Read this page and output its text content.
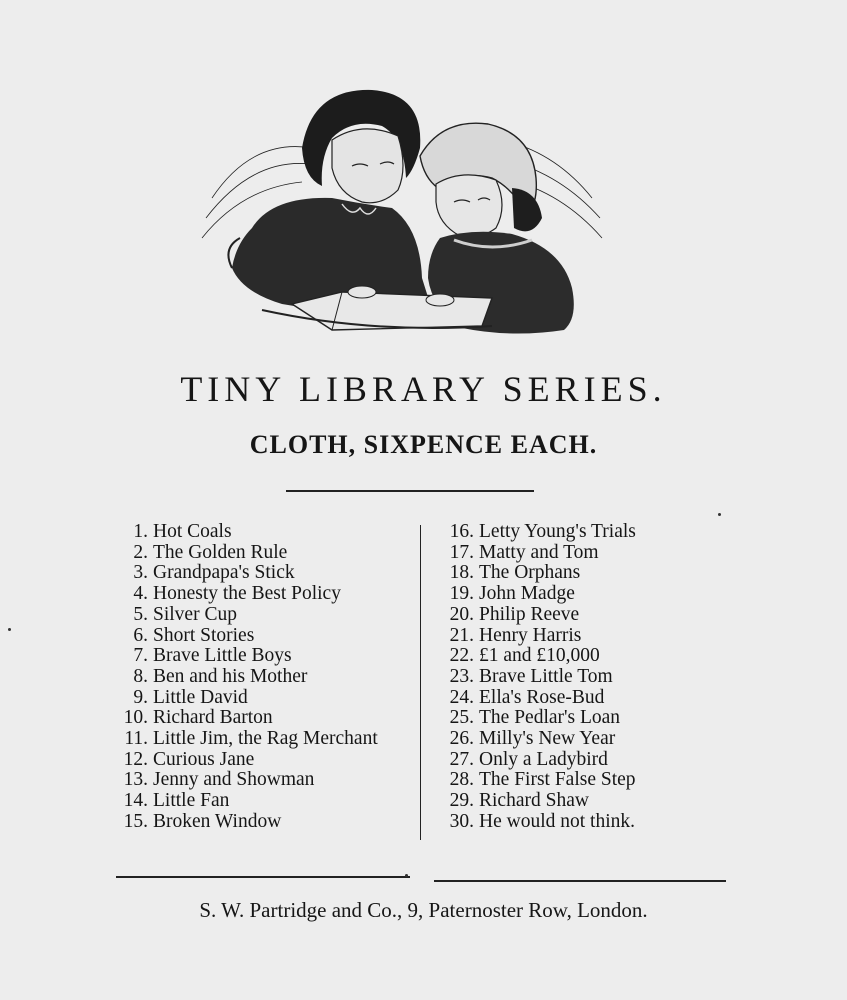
TINY LIBRARY SERIES.
CLOTH, SIXPENCE EACH.
1. Hot Coals
2. The Golden Rule
3. Grandpapa's Stick
4. Honesty the Best Policy
5. Silver Cup
6. Short Stories
7. Brave Little Boys
8. Ben and his Mother
9. Little David
10. Richard Barton
11. Little Jim, the Rag Merchant
12. Curious Jane
13. Jenny and Showman
14. Little Fan
15. Broken Window
16. Letty Young's Trials
17. Matty and Tom
18. The Orphans
19. John Madge
20. Philip Reeve
21. Henry Harris
22. £1 and £10,000
23. Brave Little Tom
24. Ella's Rose-Bud
25. The Pedlar's Loan
26. Milly's New Year
27. Only a Ladybird
28. The First False Step
29. Richard Shaw
30. He would not think.

S. W. Partridge and Co., 9, Paternoster Row, London.
